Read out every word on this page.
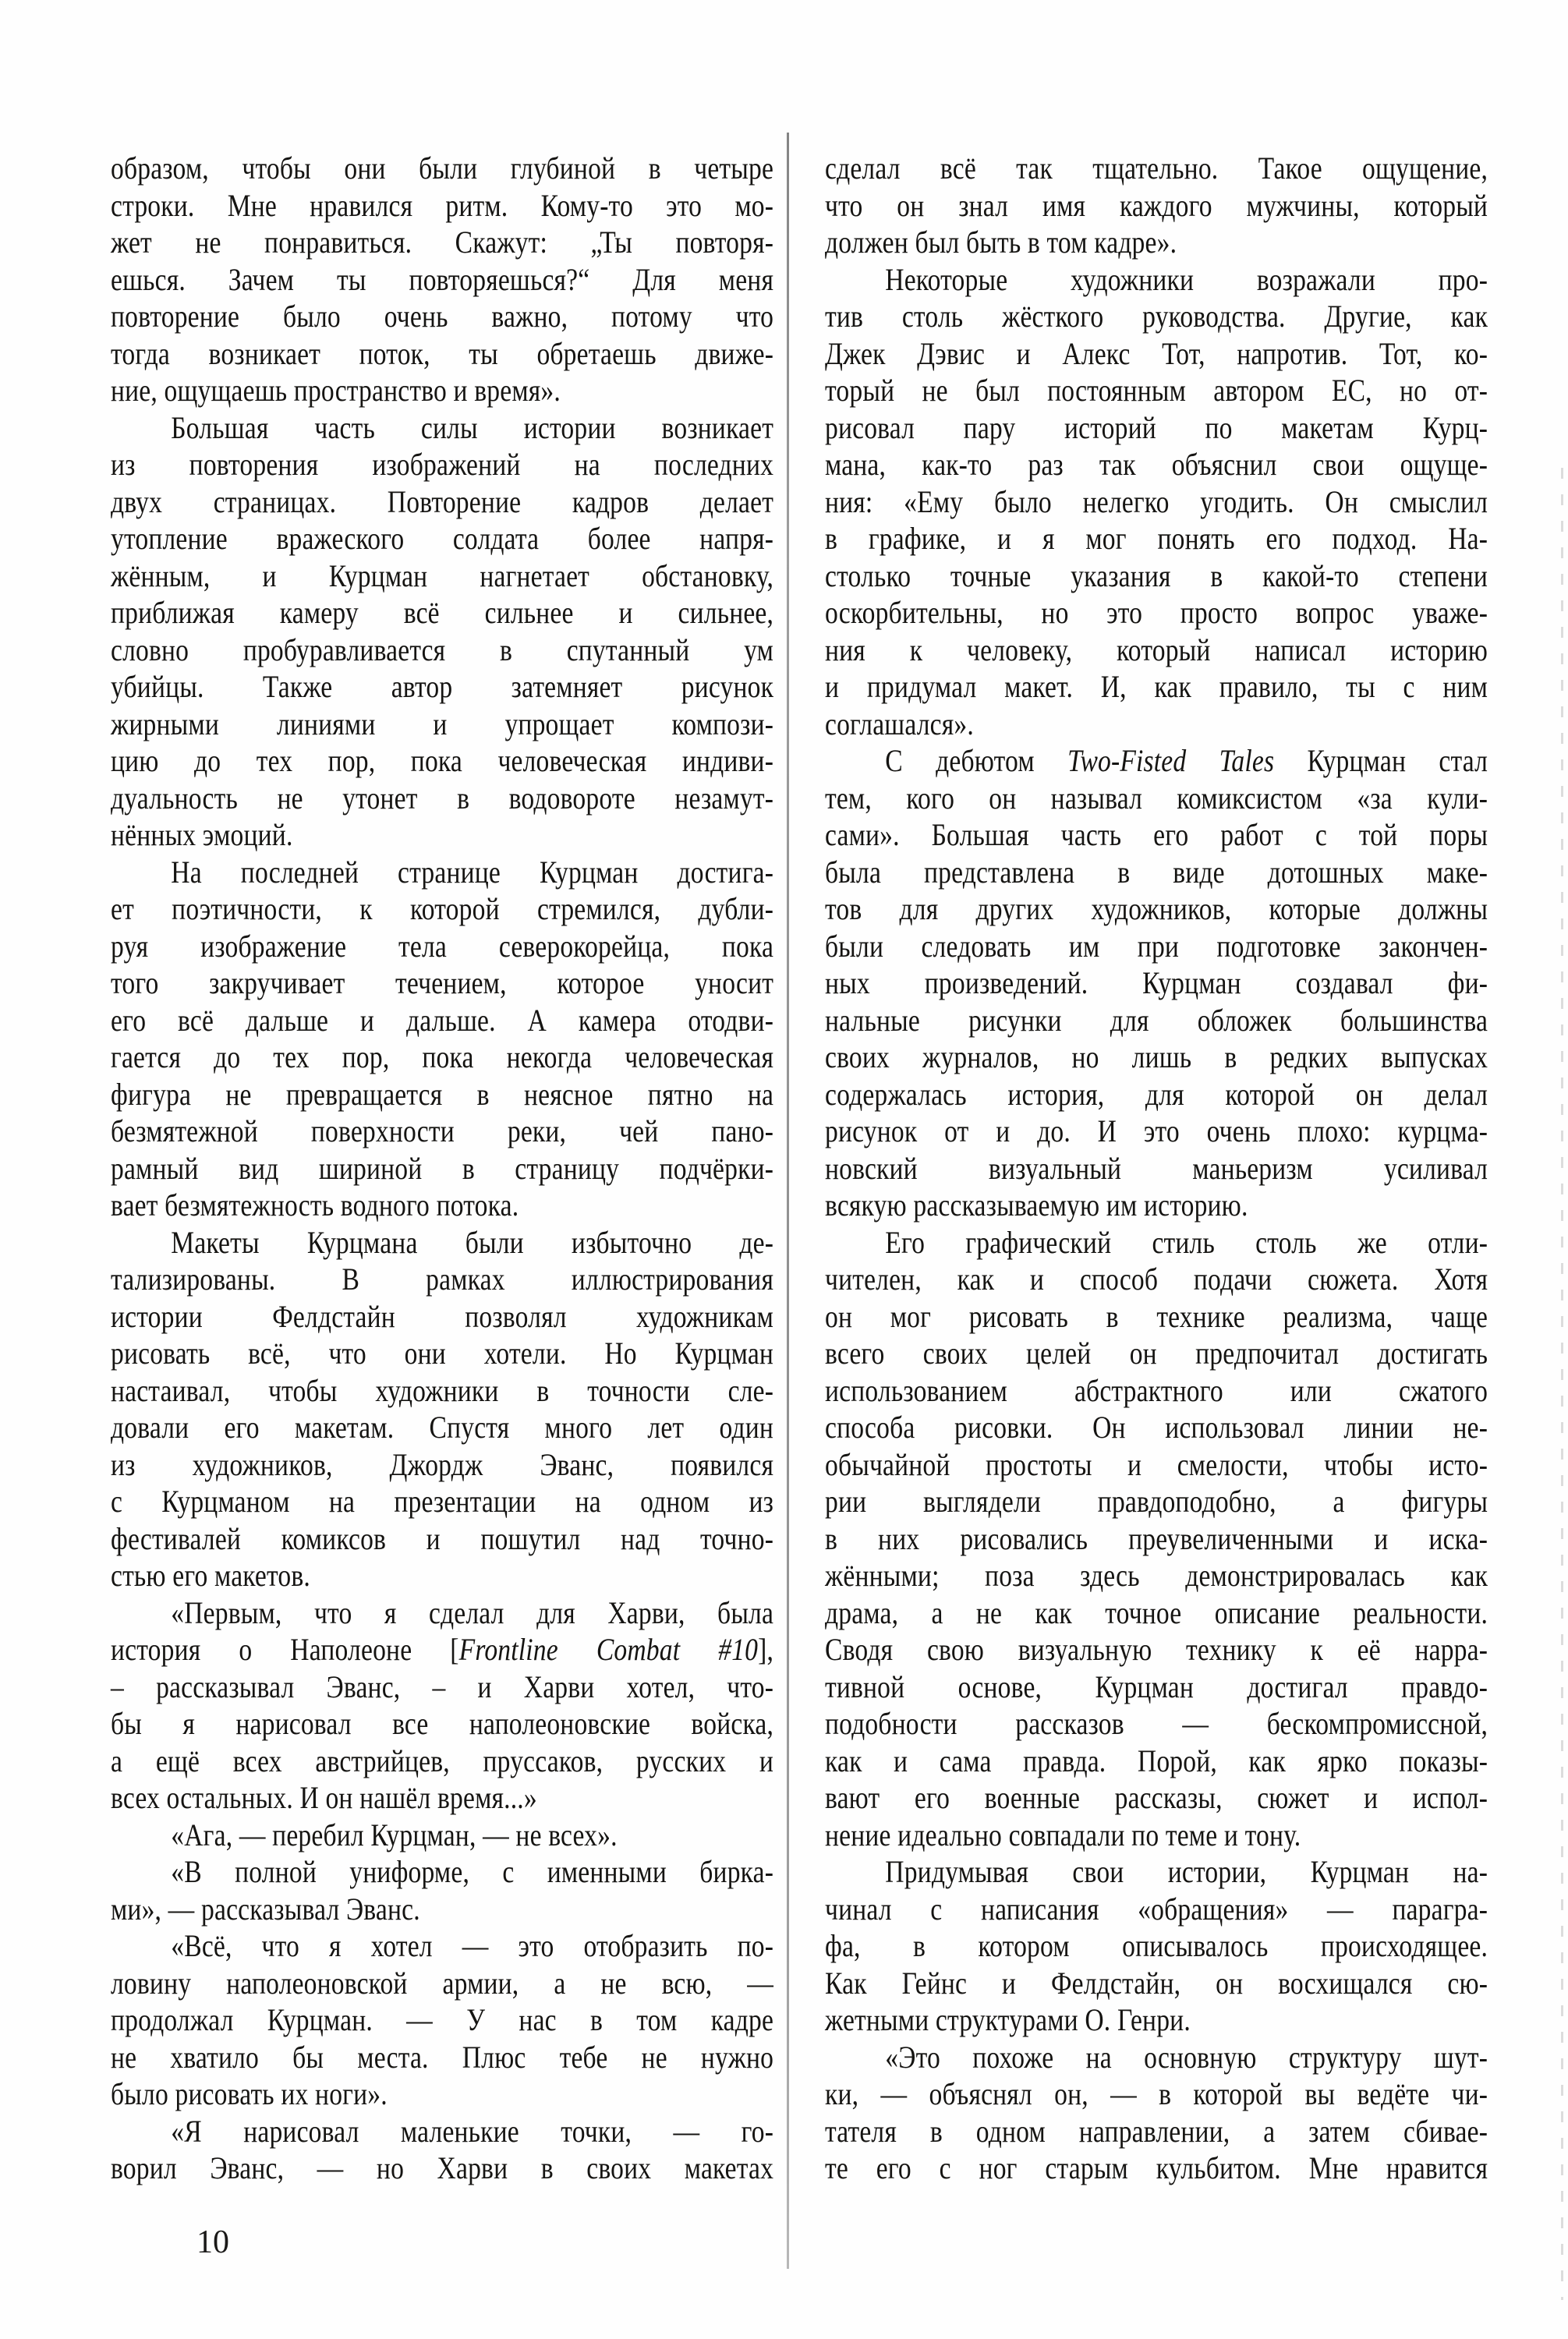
образом, чтобы они были глубиной в четыре
строки. Мне нравился ритм. Кому-то это мо-
жет не понравиться. Скажут: „Ты повторя-
ешься. Зачем ты повторяешься?“ Для меня
повторение было очень важно, потому что
тогда возникает поток, ты обретаешь движе-
ние, ощущаешь пространство и время».
Большая часть силы истории возникает
из повторения изображений на последних
двух страницах. Повторение кадров делает
утопление вражеского солдата более напря-
жённым, и Курцман нагнетает обстановку,
приближая камеру всё сильнее и сильнее,
словно пробуравливается в спутанный ум
убийцы. Также автор затемняет рисунок
жирными линиями и упрощает компози-
цию до тех пор, пока человеческая индиви-
дуальность не утонет в водовороте незамут-
нённых эмоций.
На последней странице Курцман достига-
ет поэтичности, к которой стремился, дубли-
руя изображение тела северокорейца, пока
того закручивает течением, которое уносит
его всё дальше и дальше. А камера отодви-
гается до тех пор, пока некогда человеческая
фигура не превращается в неясное пятно на
безмятежной поверхности реки, чей пано-
рамный вид шириной в страницу подчёрки-
вает безмятежность водного потока.
Макеты Курцмана были избыточно де-
тализированы. В рамках иллюстрирования
истории Фелдстайн позволял художникам
рисовать всё, что они хотели. Но Курцман
настаивал, чтобы художники в точности сле-
довали его макетам. Спустя много лет один
из художников, Джордж Эванс, появился
с Курцманом на презентации на одном из
фестивалей комиксов и пошутил над точно-
стью его макетов.
«Первым, что я сделал для Харви, была
история о Наполеоне [Frontline Combat #10],
– рассказывал Эванс, – и Харви хотел, что-
бы я нарисовал все наполеоновские войска,
а ещё всех австрийцев, пруссаков, русских и
всех остальных. И он нашёл время...»
«Ага, — перебил Курцман, — не всех».
«В полной униформе, с именными бирка-
ми», — рассказывал Эванс.
«Всё, что я хотел — это отобразить по-
ловину наполеоновской армии, а не всю, —
продолжал Курцман. — У нас в том кадре
не хватило бы места. Плюс тебе не нужно
было рисовать их ноги».
«Я нарисовал маленькие точки, — го-
ворил Эванс, — но Харви в своих макетах
сделал всё так тщательно. Такое ощущение,
что он знал имя каждого мужчины, который
должен был быть в том кадре».
Некоторые художники возражали про-
тив столь жёсткого руководства. Другие, как
Джек Дэвис и Алекс Тот, напротив. Тот, ко-
торый не был постоянным автором ЕС, но от-
рисовал пару историй по макетам Курц-
мана, как-то раз так объяснил свои ощуще-
ния: «Ему было нелегко угодить. Он смыслил
в графике, и я мог понять его подход. На-
столько точные указания в какой-то степени
оскорбительны, но это просто вопрос уваже-
ния к человеку, который написал историю
и придумал макет. И, как правило, ты с ним
соглашался».
С дебютом Two-Fisted Tales Курцман стал
тем, кого он называл комиксистом «за кули-
сами». Большая часть его работ с той поры
была представлена в виде дотошных маке-
тов для других художников, которые должны
были следовать им при подготовке закончен-
ных произведений. Курцман создавал фи-
нальные рисунки для обложек большинства
своих журналов, но лишь в редких выпусках
содержалась история, для которой он делал
рисунок от и до. И это очень плохо: курцма-
новский визуальный маньеризм усиливал
всякую рассказываемую им историю.
Его графический стиль столь же отли-
чителен, как и способ подачи сюжета. Хотя
он мог рисовать в технике реализма, чаще
всего своих целей он предпочитал достигать
использованием абстрактного или сжатого
способа рисовки. Он использовал линии не-
обычайной простоты и смелости, чтобы исто-
рии выглядели правдоподобно, а фигуры
в них рисовались преувеличенными и иска-
жёнными; поза здесь демонстрировалась как
драма, а не как точное описание реальности.
Сводя свою визуальную технику к её нарра-
тивной основе, Курцман достигал правдо-
подобности рассказов — бескомпромиссной,
как и сама правда. Порой, как ярко показы-
вают его военные рассказы, сюжет и испол-
нение идеально совпадали по теме и тону.
Придумывая свои истории, Курцман на-
чинал с написания «обращения» — парагра-
фа, в котором описывалось происходящее.
Как Гейнс и Фелдстайн, он восхищался сю-
жетными структурами О. Генри.
«Это похоже на основную структуру шут-
ки, — объяснял он, — в которой вы ведёте чи-
тателя в одном направлении, а затем сбивае-
те его с ног старым кульбитом. Мне нравится
10
